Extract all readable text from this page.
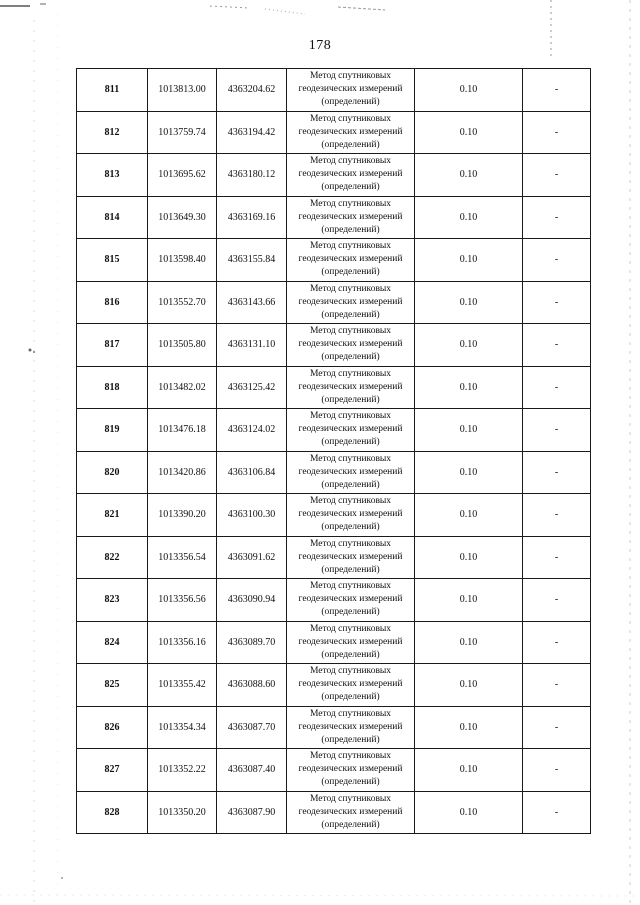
178
811	1013813.00	4363204.62	Метод спутниковых
геодезических измерений
(определений)	0.10	-
812	1013759.74	4363194.42	Метод спутниковых
геодезических измерений
(определений)	0.10	-
813	1013695.62	4363180.12	Метод спутниковых
геодезических измерений
(определений)	0.10	-
814	1013649.30	4363169.16	Метод спутниковых
геодезических измерений
(определений)	0.10	-
815	1013598.40	4363155.84	Метод спутниковых
геодезических измерений
(определений)	0.10	-
816	1013552.70	4363143.66	Метод спутниковых
геодезических измерений
(определений)	0.10	-
817	1013505.80	4363131.10	Метод спутниковых
геодезических измерений
(определений)	0.10	-
818	1013482.02	4363125.42	Метод спутниковых
геодезических измерений
(определений)	0.10	-
819	1013476.18	4363124.02	Метод спутниковых
геодезических измерений
(определений)	0.10	-
820	1013420.86	4363106.84	Метод спутниковых
геодезических измерений
(определений)	0.10	-
821	1013390.20	4363100.30	Метод спутниковых
геодезических измерений
(определений)	0.10	-
822	1013356.54	4363091.62	Метод спутниковых
геодезических измерений
(определений)	0.10	-
823	1013356.56	4363090.94	Метод спутниковых
геодезических измерений
(определений)	0.10	-
824	1013356.16	4363089.70	Метод спутниковых
геодезических измерений
(определений)	0.10	-
825	1013355.42	4363088.60	Метод спутниковых
геодезических измерений
(определений)	0.10	-
826	1013354.34	4363087.70	Метод спутниковых
геодезических измерений
(определений)	0.10	-
827	1013352.22	4363087.40	Метод спутниковых
геодезических измерений
(определений)	0.10	-
828	1013350.20	4363087.90	Метод спутниковых
геодезических измерений
(определений)	0.10	-
